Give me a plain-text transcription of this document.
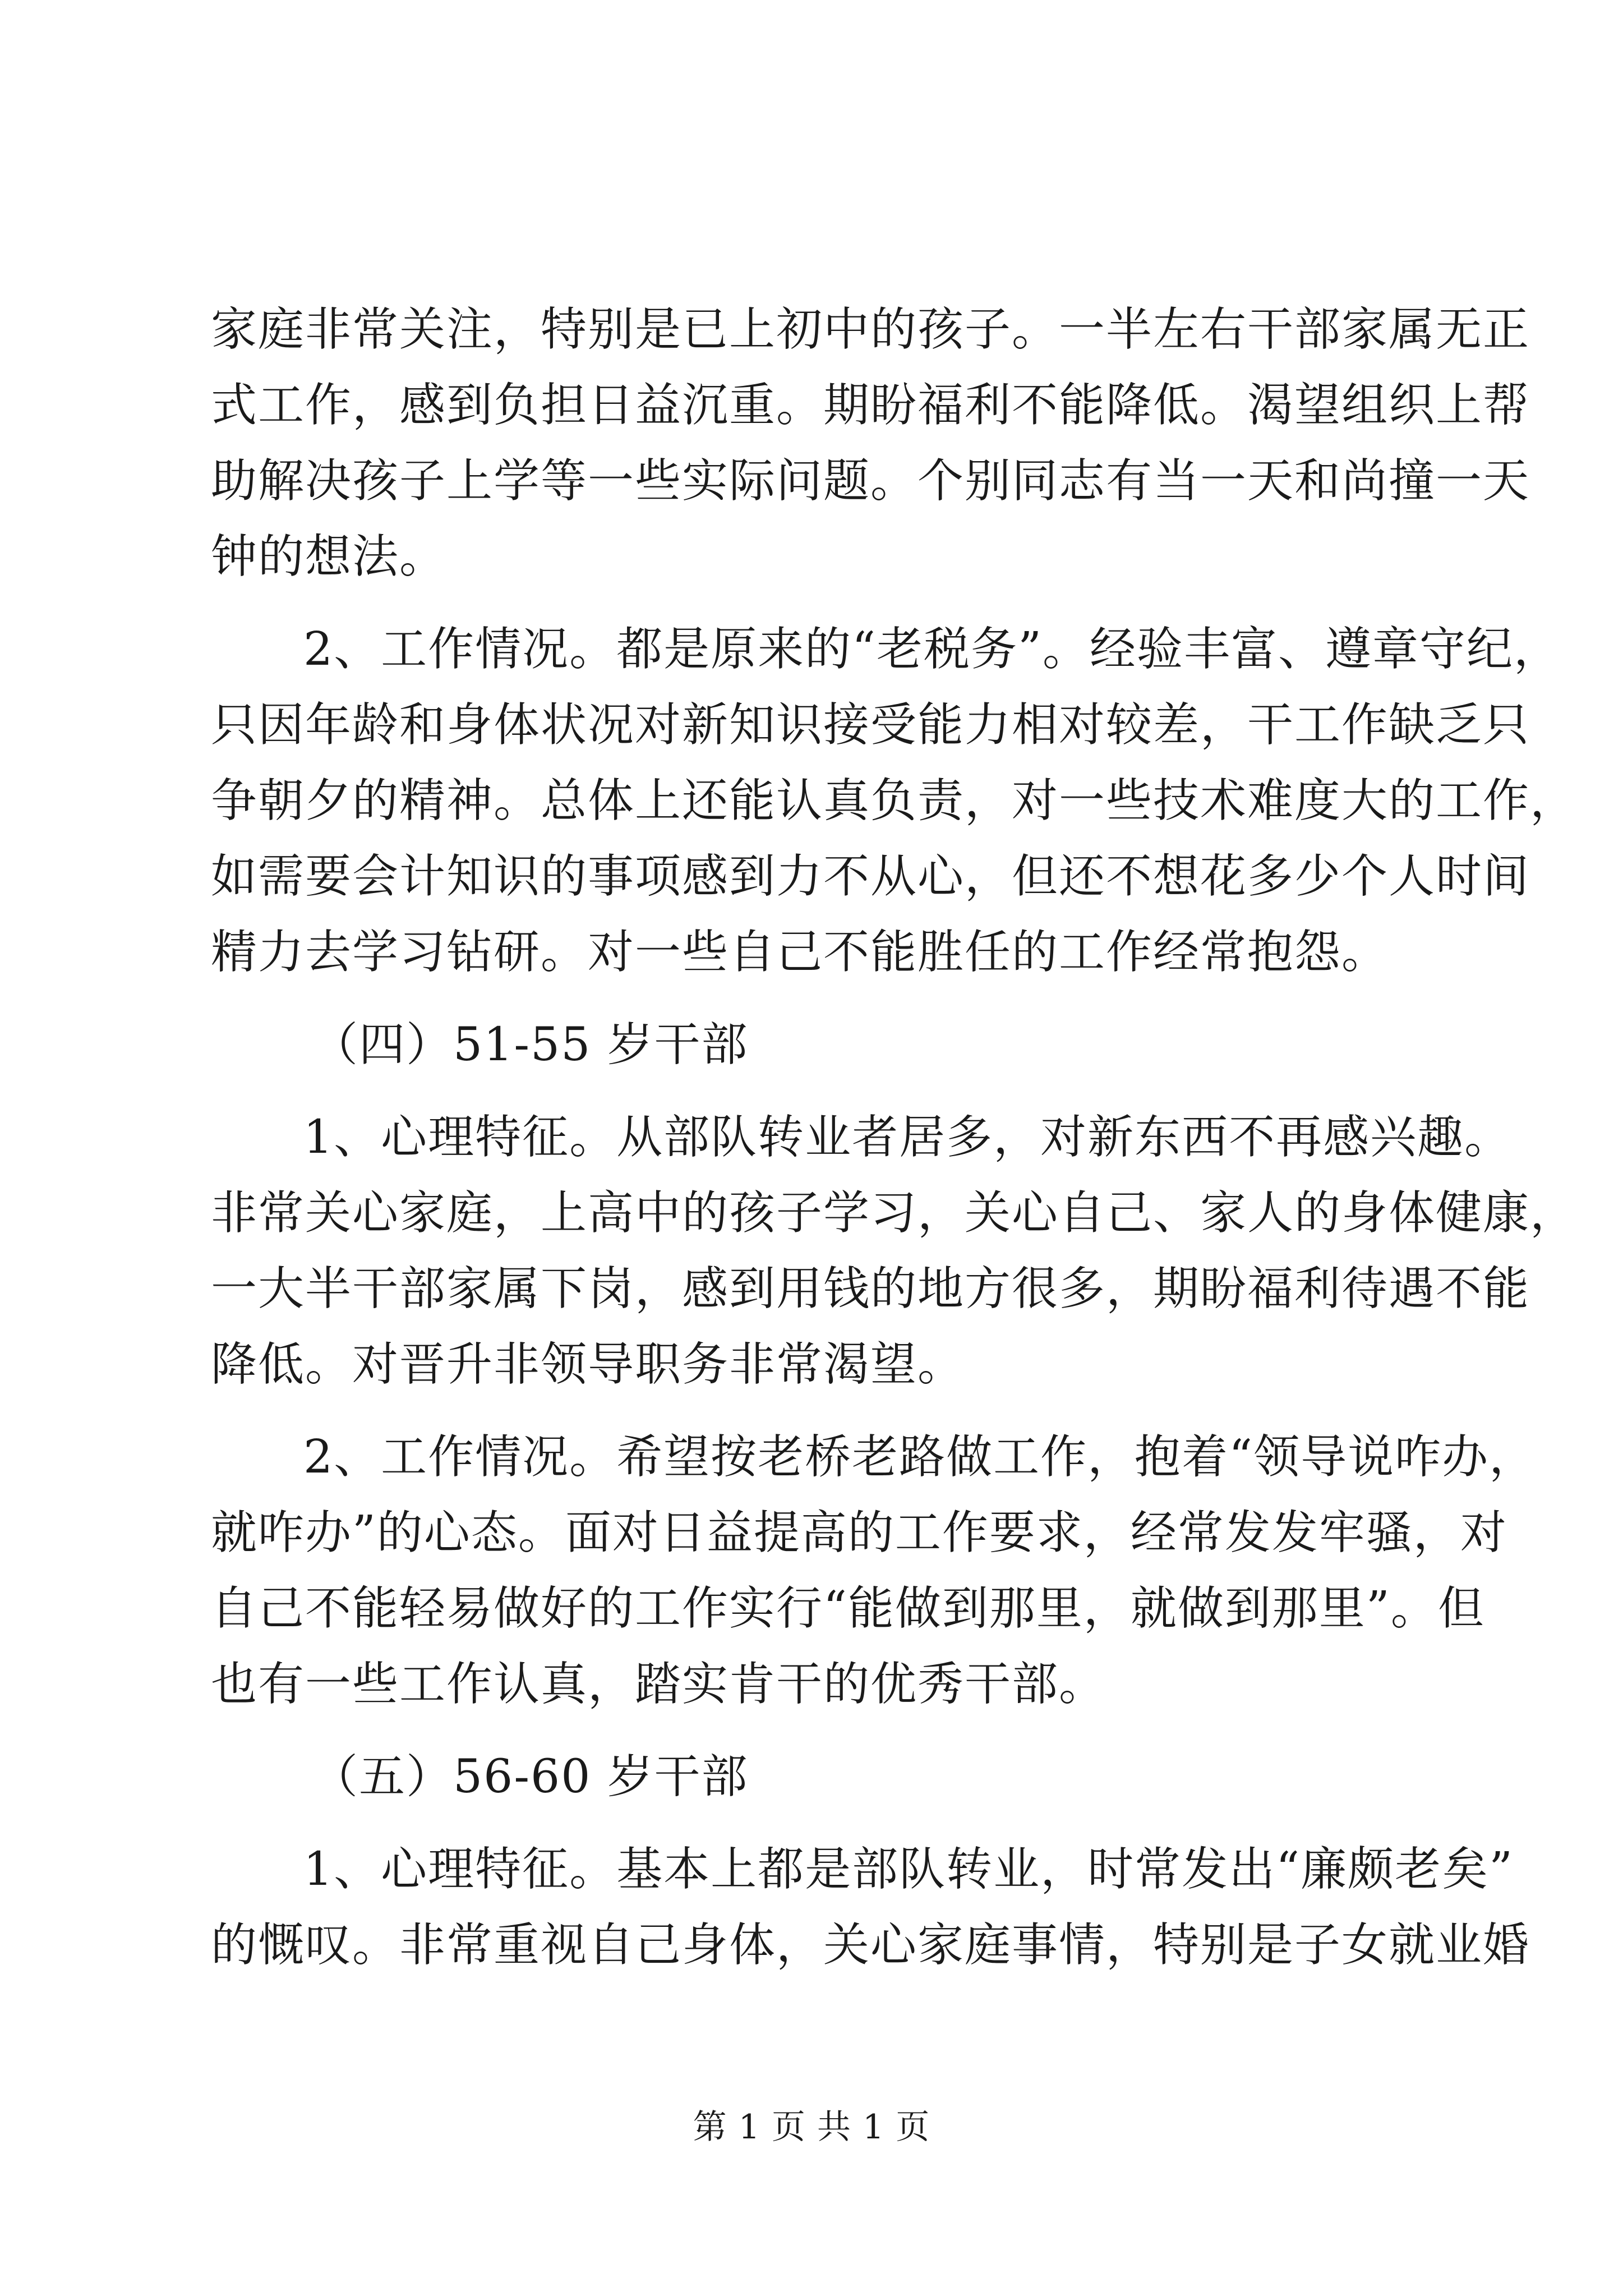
家庭非常关注，特别是已上初中的孩子。一半左右干部家属无正
式工作，感到负担日益沉重。期盼福利不能降低。渴望组织上帮
助解决孩子上学等一些实际问题。个别同志有当一天和尚撞一天
钟的想法。
2、工作情况。都是原来的“老税务”。经验丰富、遵章守纪，
只因年龄和身体状况对新知识接受能力相对较差，干工作缺乏只
争朝夕的精神。总体上还能认真负责，对一些技术难度大的工作，
如需要会计知识的事项感到力不从心，但还不想花多少个人时间
精力去学习钻研。对一些自己不能胜任的工作经常抱怨。
（四）51-55 岁干部
1、心理特征。从部队转业者居多，对新东西不再感兴趣。
非常关心家庭，上高中的孩子学习，关心自己、家人的身体健康，
一大半干部家属下岗，感到用钱的地方很多，期盼福利待遇不能
降低。对晋升非领导职务非常渴望。
2、工作情况。希望按老桥老路做工作，抱着“领导说咋办，
就咋办”的心态。面对日益提高的工作要求，经常发发牢骚，对
自己不能轻易做好的工作实行“能做到那里，就做到那里”。但
也有一些工作认真，踏实肯干的优秀干部。
（五）56-60 岁干部
1、心理特征。基本上都是部队转业，时常发出“廉颇老矣”
的慨叹。非常重视自己身体，关心家庭事情，特别是子女就业婚
第 1 页 共 1 页
